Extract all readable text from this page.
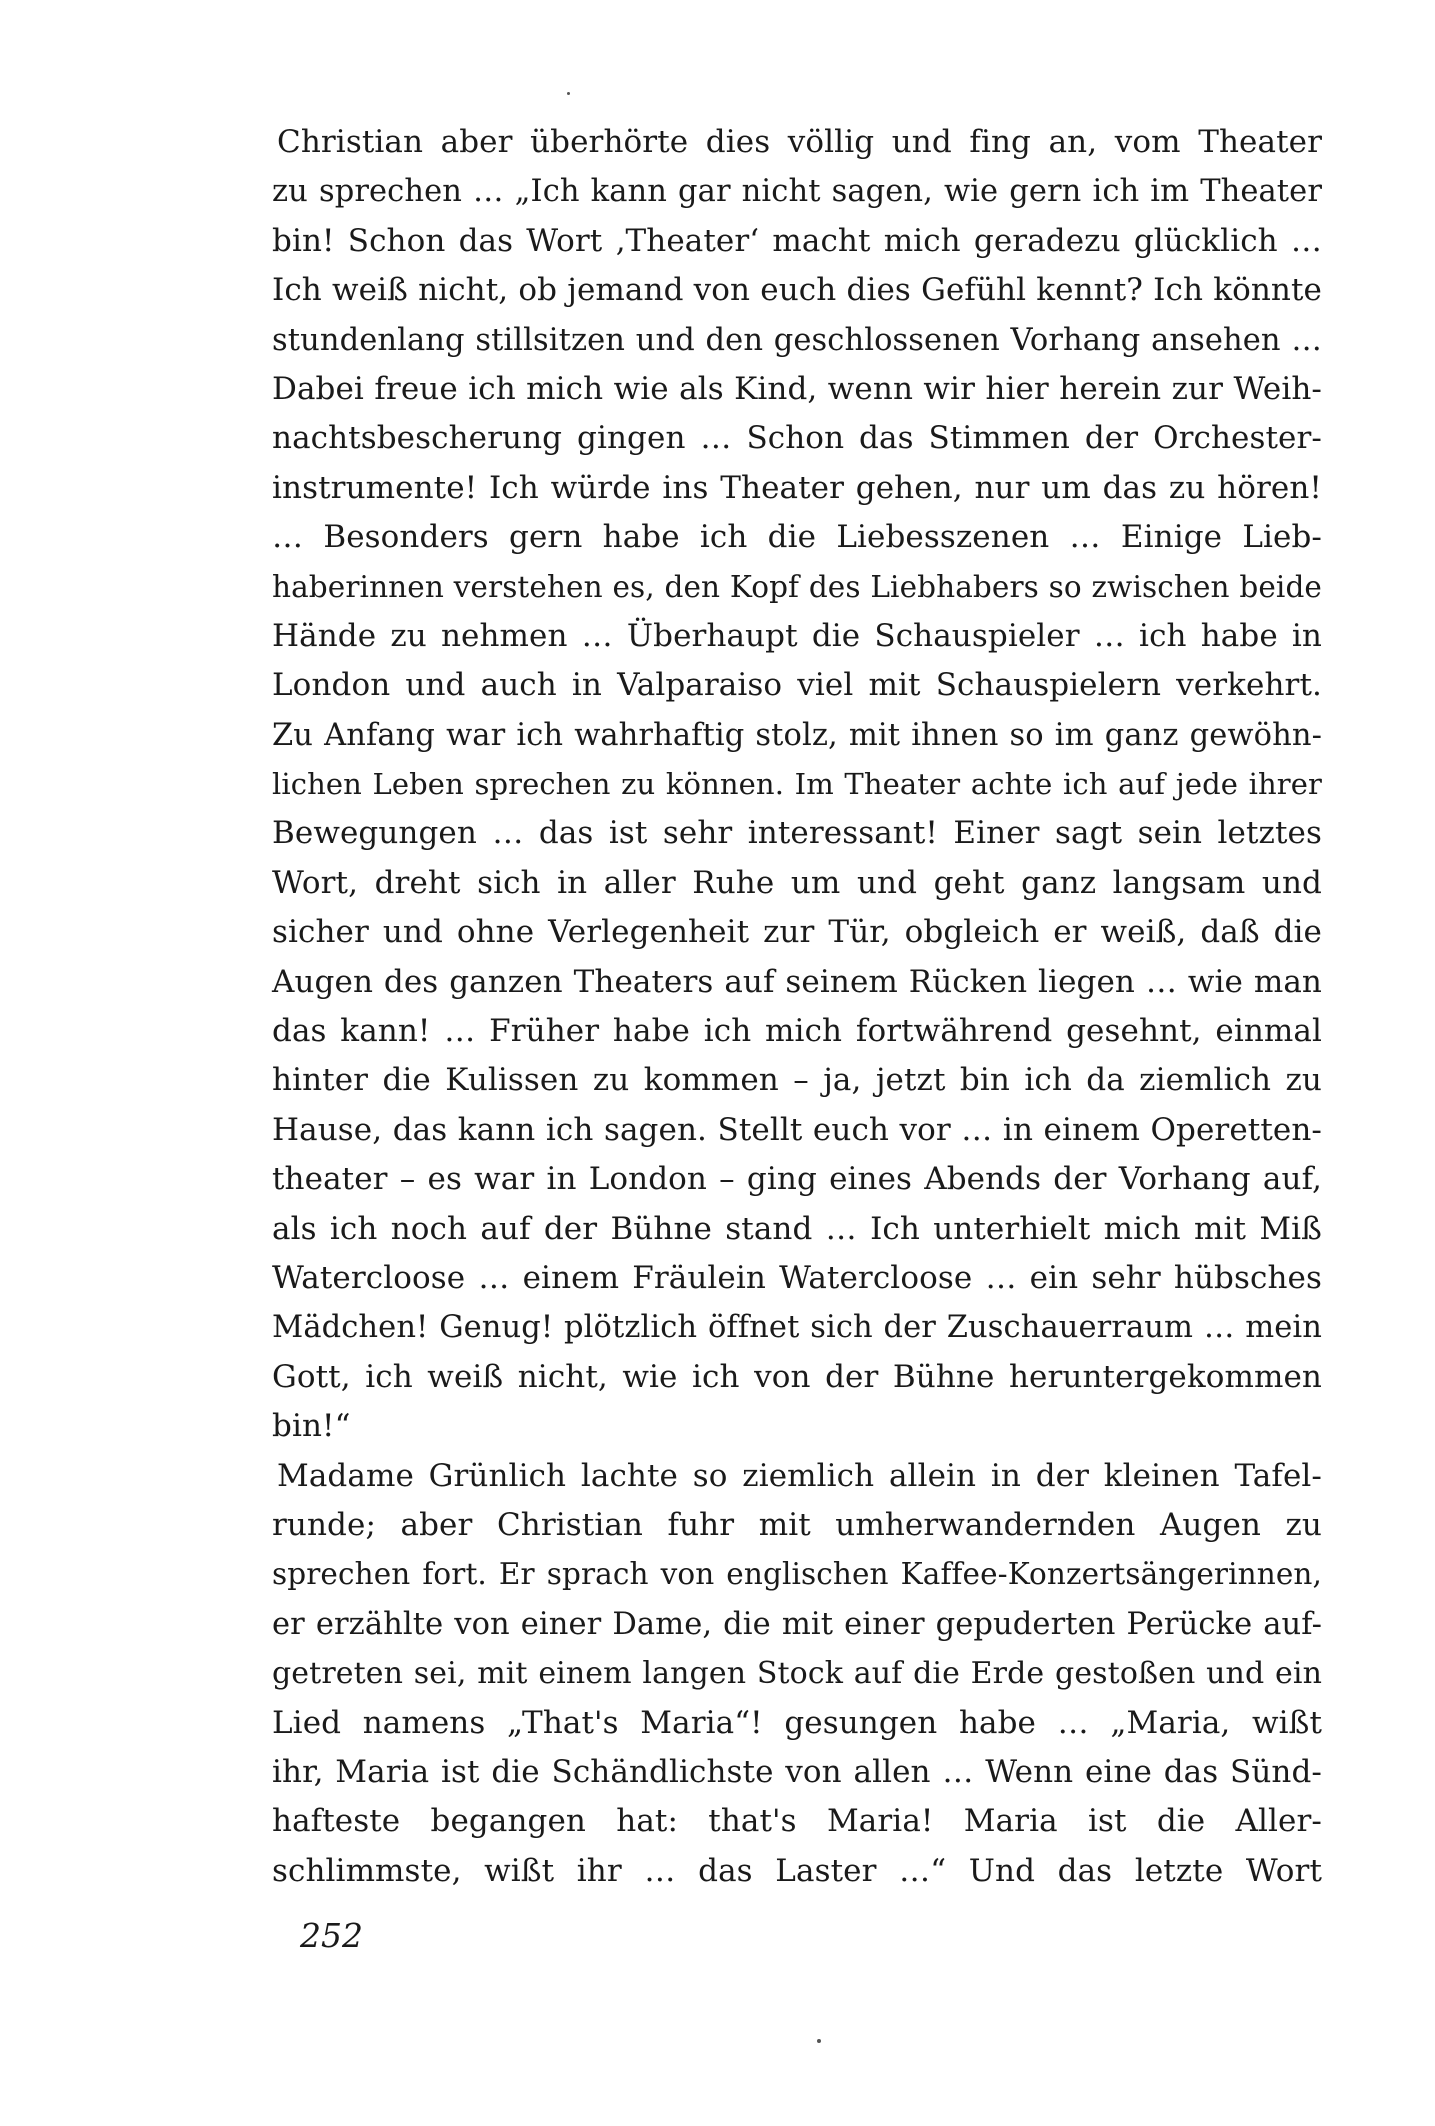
Christian aber überhörte dies völlig und fing an, vom Theater
zu sprechen … „Ich kann gar nicht sagen, wie gern ich im Theater
bin! Schon das Wort ‚Theater‘ macht mich geradezu glücklich …
Ich weiß nicht, ob jemand von euch dies Gefühl kennt? Ich könnte
stundenlang stillsitzen und den geschlossenen Vorhang ansehen …
Dabei freue ich mich wie als Kind, wenn wir hier herein zur Weih-
nachtsbescherung gingen … Schon das Stimmen der Orchester-
instrumente! Ich würde ins Theater gehen, nur um das zu hören!
… Besonders gern habe ich die Liebesszenen … Einige Lieb-
haberinnen verstehen es, den Kopf des Liebhabers so zwischen beide
Hände zu nehmen … Überhaupt die Schauspieler … ich habe in
London und auch in Valparaiso viel mit Schauspielern verkehrt.
Zu Anfang war ich wahrhaftig stolz, mit ihnen so im ganz gewöhn-
lichen Leben sprechen zu können. Im Theater achte ich auf jede ihrer
Bewegungen … das ist sehr interessant! Einer sagt sein letztes
Wort, dreht sich in aller Ruhe um und geht ganz langsam und
sicher und ohne Verlegenheit zur Tür, obgleich er weiß, daß die
Augen des ganzen Theaters auf seinem Rücken liegen … wie man
das kann! … Früher habe ich mich fortwährend gesehnt, einmal
hinter die Kulissen zu kommen – ja, jetzt bin ich da ziemlich zu
Hause, das kann ich sagen. Stellt euch vor … in einem Operetten-
theater – es war in London – ging eines Abends der Vorhang auf,
als ich noch auf der Bühne stand … Ich unterhielt mich mit Miß
Watercloose … einem Fräulein Watercloose … ein sehr hübsches
Mädchen! Genug! plötzlich öffnet sich der Zuschauerraum … mein
Gott, ich weiß nicht, wie ich von der Bühne heruntergekommen
bin!“
Madame Grünlich lachte so ziemlich allein in der kleinen Tafel-
runde; aber Christian fuhr mit umherwandernden Augen zu
sprechen fort. Er sprach von englischen Kaffee-Konzertsängerinnen,
er erzählte von einer Dame, die mit einer gepuderten Perücke auf-
getreten sei, mit einem langen Stock auf die Erde gestoßen und ein
Lied namens „That's Maria“! gesungen habe … „Maria, wißt
ihr, Maria ist die Schändlichste von allen … Wenn eine das Sünd-
hafteste begangen hat: that's Maria! Maria ist die Aller-
schlimmste, wißt ihr … das Laster …“ Und das letzte Wort
252
